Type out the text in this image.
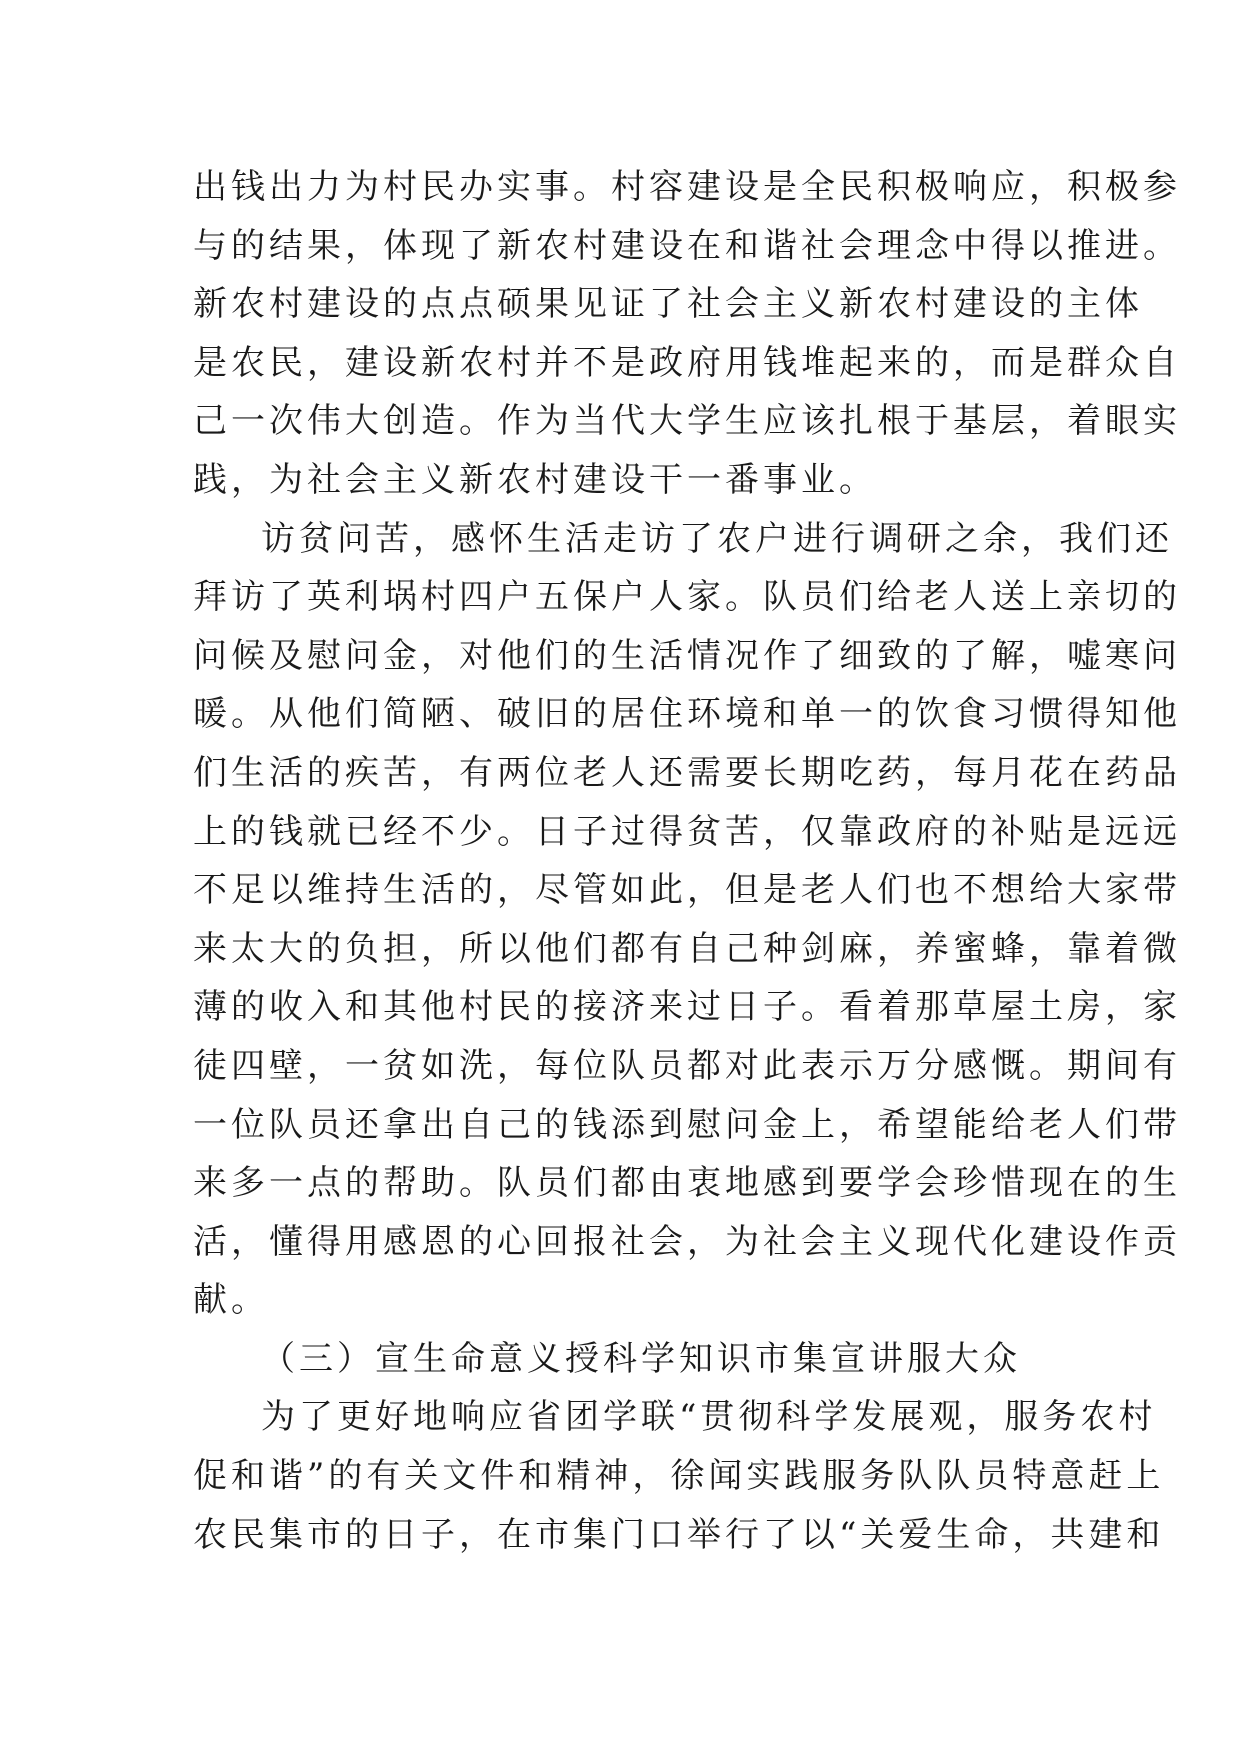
出钱出力为村民办实事。村容建设是全民积极响应，积极参
与的结果，体现了新农村建设在和谐社会理念中得以推进。
新农村建设的点点硕果见证了社会主义新农村建设的主体
是农民，建设新农村并不是政府用钱堆起来的，而是群众自
己一次伟大创造。作为当代大学生应该扎根于基层，着眼实
践，为社会主义新农村建设干一番事业。
访贫问苦，感怀生活走访了农户进行调研之余，我们还
拜访了英利埚村四户五保户人家。队员们给老人送上亲切的
问候及慰问金，对他们的生活情况作了细致的了解，嘘寒问
暖。从他们简陋、破旧的居住环境和单一的饮食习惯得知他
们生活的疾苦，有两位老人还需要长期吃药，每月花在药品
上的钱就已经不少。日子过得贫苦，仅靠政府的补贴是远远
不足以维持生活的，尽管如此，但是老人们也不想给大家带
来太大的负担，所以他们都有自己种剑麻，养蜜蜂，靠着微
薄的收入和其他村民的接济来过日子。看着那草屋土房，家
徒四壁，一贫如洗，每位队员都对此表示万分感慨。期间有
一位队员还拿出自己的钱添到慰问金上，希望能给老人们带
来多一点的帮助。队员们都由衷地感到要学会珍惜现在的生
活，懂得用感恩的心回报社会，为社会主义现代化建设作贡
献。
（三）宣生命意义授科学知识市集宣讲服大众
为了更好地响应省团学联“贯彻科学发展观，服务农村
促和谐”的有关文件和精神，徐闻实践服务队队员特意赶上
农民集市的日子，在市集门口举行了以“关爱生命，共建和
